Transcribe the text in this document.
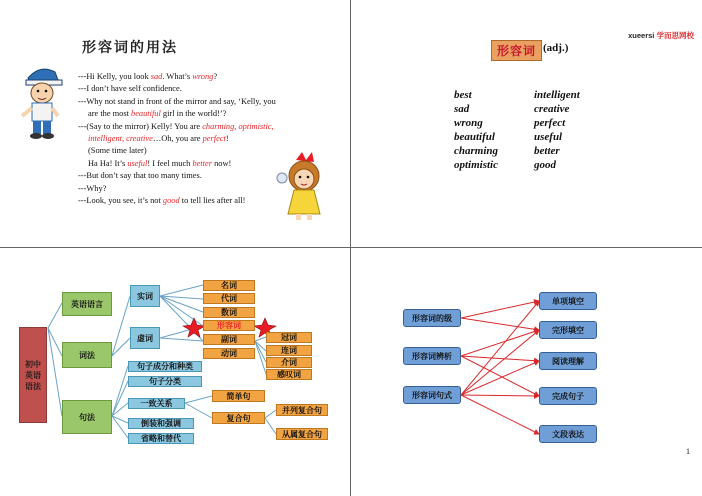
形容词的用法
---Hi Kelly, you look sad. What’s wrong?
---I don’t have self confidence.
---Why not stand in front of the mirror and say, ‘Kelly, you
are the most beautiful girl in the world!’?
---(Say to the mirror) Kelly! You are charming, optimistic,
intelligent, creative…Oh, you are perfect!
(Some time later)
Ha Ha! It’s useful! I feel much better now!
---But don’t say that too many times.
---Why?
---Look, you see, it’s not good to tell lies after all!
xueersi 学而思网校
形容词 (adj.)
best
sad
wrong
beautiful
charming
optimistic
intelligent
creative
perfect
useful
better
good
初中英语语法
英语语言
词法
句法
实词
虚词
名词
代词
数词
形容词
副词
动词
冠词
连词
介词
感叹词
句子成分和种类
句子分类
一致关系
倒装和强调
省略和替代
简单句
复合句
并列复合句
从属复合句
形容词的级
形容词辨析
形容词句式
单项填空
完形填空
阅读理解
完成句子
文段表达
1
